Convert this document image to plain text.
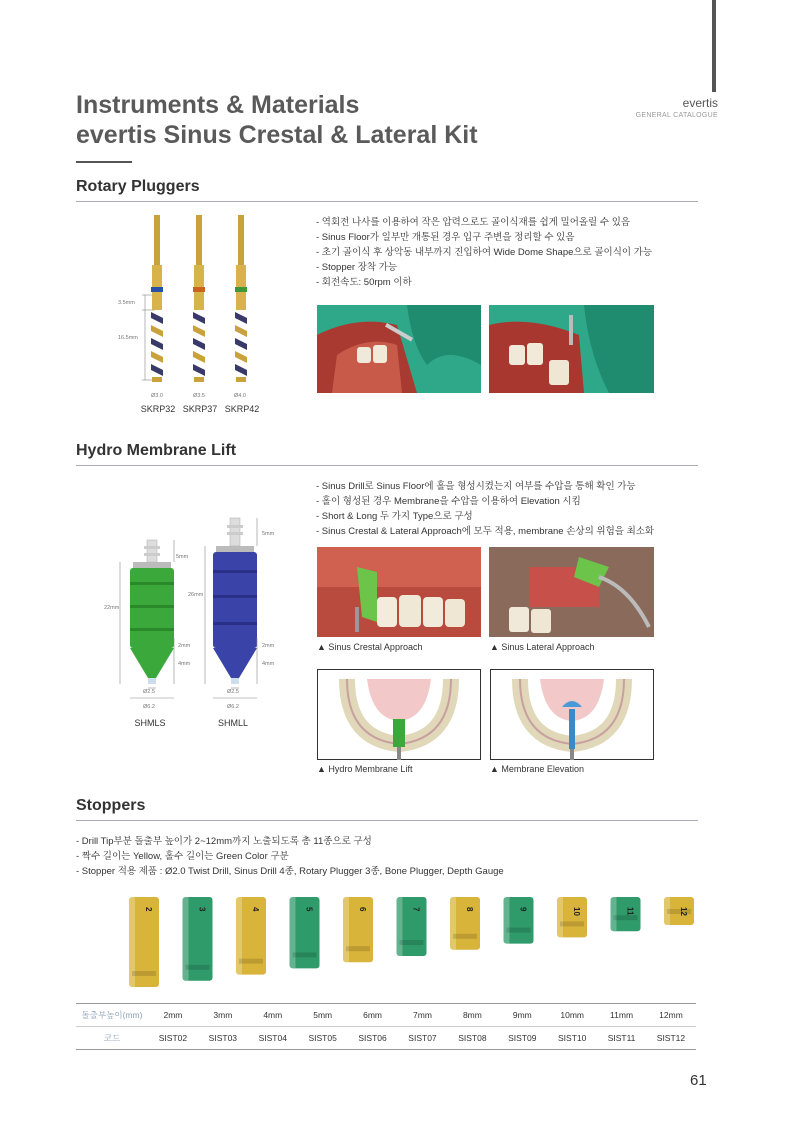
evertis
GENERAL CATALOGUE
Instruments & Materials
evertis Sinus Crestal & Lateral Kit
Rotary Pluggers
3.5mm
16.5mm
Ø3.0	Ø3.5	Ø4.0
SKRP32 SKRP37 SKRP42
- 역회전 나사를 이용하여 작은 압력으로도 골이식재를 쉽게 밀어올릴 수 있음
- Sinus Floor가 일부만 개통된 경우 입구 주변을 정리할 수 있음
- 초기 골이식 후 상악동 내부까지 진입하여 Wide Dome Shape으로 골이식이 가능
- Stopper 장착 가능
- 회전속도: 50rpm 이하
Hydro Membrane Lift
- Sinus Drill로 Sinus Floor에 홀을 형성시켰는지 여부를 수압을 통해 확인 가능
- 홀이 형성된 경우 Membrane을 수압을 이용하여 Elevation 시킴
- Short & Long 두 가지 Type으로 구성
- Sinus Crestal & Lateral Approach에 모두 적용, membrane 손상의 위험을 최소화
22mm
5mm
2mm
4mm
Ø2.5
Ø6.2
26mm
5mm
2mm
4mm
Ø2.5
Ø6.2
SHMLS	SHMLL
▲ Sinus Crestal Approach	▲ Sinus Lateral Approach
▲ Hydro Membrane Lift	▲ Membrane Elevation
Stoppers
- Drill Tip부분 돌출부 높이가 2~12mm까지 노출되도록 총 11종으로 구성
- 짝수 길이는 Yellow, 홀수 길이는 Green Color 구분
- Stopper 적용 제품 : Ø2.0 Twist Drill, Sinus Drill 4종, Rotary Plugger 3종, Bone Plugger, Depth Gauge
2	3	4	5	6	7	8	9	10	11	12
돌출부높이(mm)	2mm	3mm	4mm	5mm	6mm	7mm	8mm	9mm	10mm	11mm	12mm
코드	SIST02	SIST03	SIST04	SIST05	SIST06	SIST07	SIST08	SIST09	SIST10	SIST11	SIST12
61
